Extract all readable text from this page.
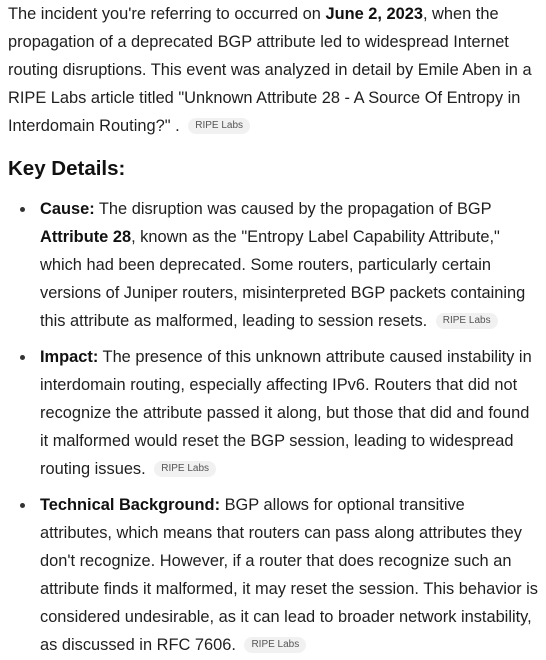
The incident you're referring to occurred on June 2, 2023, when the propagation of a deprecated BGP attribute led to widespread Internet routing disruptions. This event was analyzed in detail by Emile Aben in a RIPE Labs article titled "Unknown Attribute 28 - A Source Of Entropy in Interdomain Routing?" . RIPE Labs

Key Details:
Cause: The disruption was caused by the propagation of BGP Attribute 28, known as the "Entropy Label Capability Attribute," which had been deprecated. Some routers, particularly certain versions of Juniper routers, misinterpreted BGP packets containing this attribute as malformed, leading to session resets. RIPE Labs
Impact: The presence of this unknown attribute caused instability in interdomain routing, especially affecting IPv6. Routers that did not recognize the attribute passed it along, but those that did and found it malformed would reset the BGP session, leading to widespread routing issues. RIPE Labs
Technical Background: BGP allows for optional transitive attributes, which means that routers can pass along attributes they don't recognize. However, if a router that does recognize such an attribute finds it malformed, it may reset the session. This behavior is considered undesirable, as it can lead to broader network instability, as discussed in RFC 7606. RIPE Labs
